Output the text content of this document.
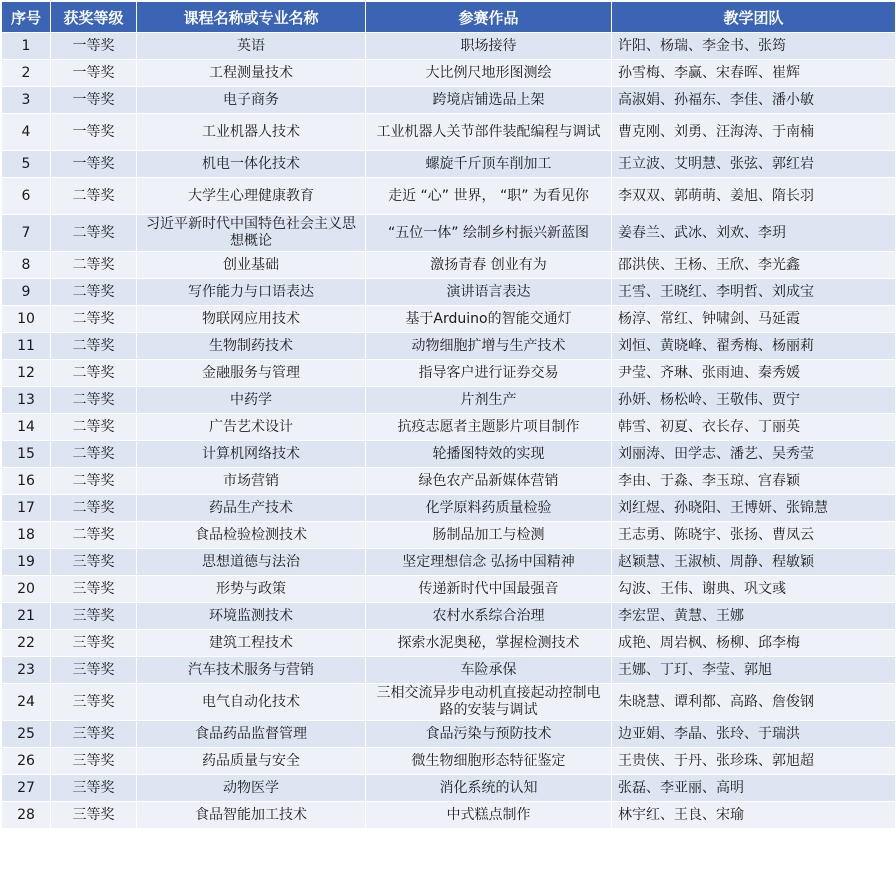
序号	获奖等级	课程名称或专业名称	参赛作品	教学团队
1	一等奖	英语	职场接待	许阳、杨瑞、李金书、张筠
2	一等奖	工程测量技术	大比例尺地形图测绘	孙雪梅、李赢、宋春晖、崔辉
3	一等奖	电子商务	跨境店铺选品上架	高淑娟、孙福东、李佳、潘小敏
4	一等奖	工业机器人技术	工业机器人关节部件装配编程与调试	曹克刚、刘勇、汪海涛、于南楠
5	一等奖	机电一体化技术	螺旋千斤顶车削加工	王立波、艾明慧、张弦、郭红岩
6	二等奖	大学生心理健康教育	走近 “心” 世界， “职” 为看见你	李双双、郭萌萌、姜旭、隋长羽
7	二等奖	习近平新时代中国特色社会主义思想概论	“五位一体” 绘制乡村振兴新蓝图	姜春兰、武冰、刘欢、李玥
8	二等奖	创业基础	激扬青春 创业有为	邵洪侠、王杨、王欣、李光鑫
9	二等奖	写作能力与口语表达	演讲语言表达	王雪、王晓红、李明哲、刘成宝
10	二等奖	物联网应用技术	基于Arduino的智能交通灯	杨淳、常红、钟啸剑、马延霞
11	二等奖	生物制药技术	动物细胞扩增与生产技术	刘恒、黄晓峰、翟秀梅、杨丽莉
12	二等奖	金融服务与管理	指导客户进行证券交易	尹莹、齐琳、张雨迪、秦秀媛
13	二等奖	中药学	片剂生产	孙妍、杨松岭、王敬伟、贾宁
14	二等奖	广告艺术设计	抗疫志愿者主题影片项目制作	韩雪、初夏、衣长存、丁丽英
15	二等奖	计算机网络技术	轮播图特效的实现	刘丽涛、田学志、潘艺、吴秀莹
16	二等奖	市场营销	绿色农产品新媒体营销	李由、于淼、李玉琼、宫春颖
17	二等奖	药品生产技术	化学原料药质量检验	刘红煜、孙晓阳、王博妍、张锦慧
18	二等奖	食品检验检测技术	肠制品加工与检测	王志勇、陈晓宇、张扬、曹凤云
19	三等奖	思想道德与法治	坚定理想信念 弘扬中国精神	赵颖慧、王淑桢、周静、程敏颖
20	三等奖	形势与政策	传递新时代中国最强音	勾波、王伟、谢典、巩文彧
21	三等奖	环境监测技术	农村水系综合治理	李宏罡、黄慧、王娜
22	三等奖	建筑工程技术	探索水泥奥秘，掌握检测技术	成艳、周岩枫、杨柳、邱李梅
23	三等奖	汽车技术服务与营销	车险承保	王娜、丁玎、李莹、郭旭
24	三等奖	电气自动化技术	三相交流异步电动机直接起动控制电路的安装与调试	朱晓慧、谭利都、高路、詹俊钢
25	三等奖	食品药品监督管理	食品污染与预防技术	边亚娟、李晶、张玲、于瑞洪
26	三等奖	药品质量与安全	微生物细胞形态特征鉴定	王贵侠、于丹、张珍珠、郭旭超
27	三等奖	动物医学	消化系统的认知	张磊、李亚丽、高明
28	三等奖	食品智能加工技术	中式糕点制作	林宇红、王良、宋瑜
